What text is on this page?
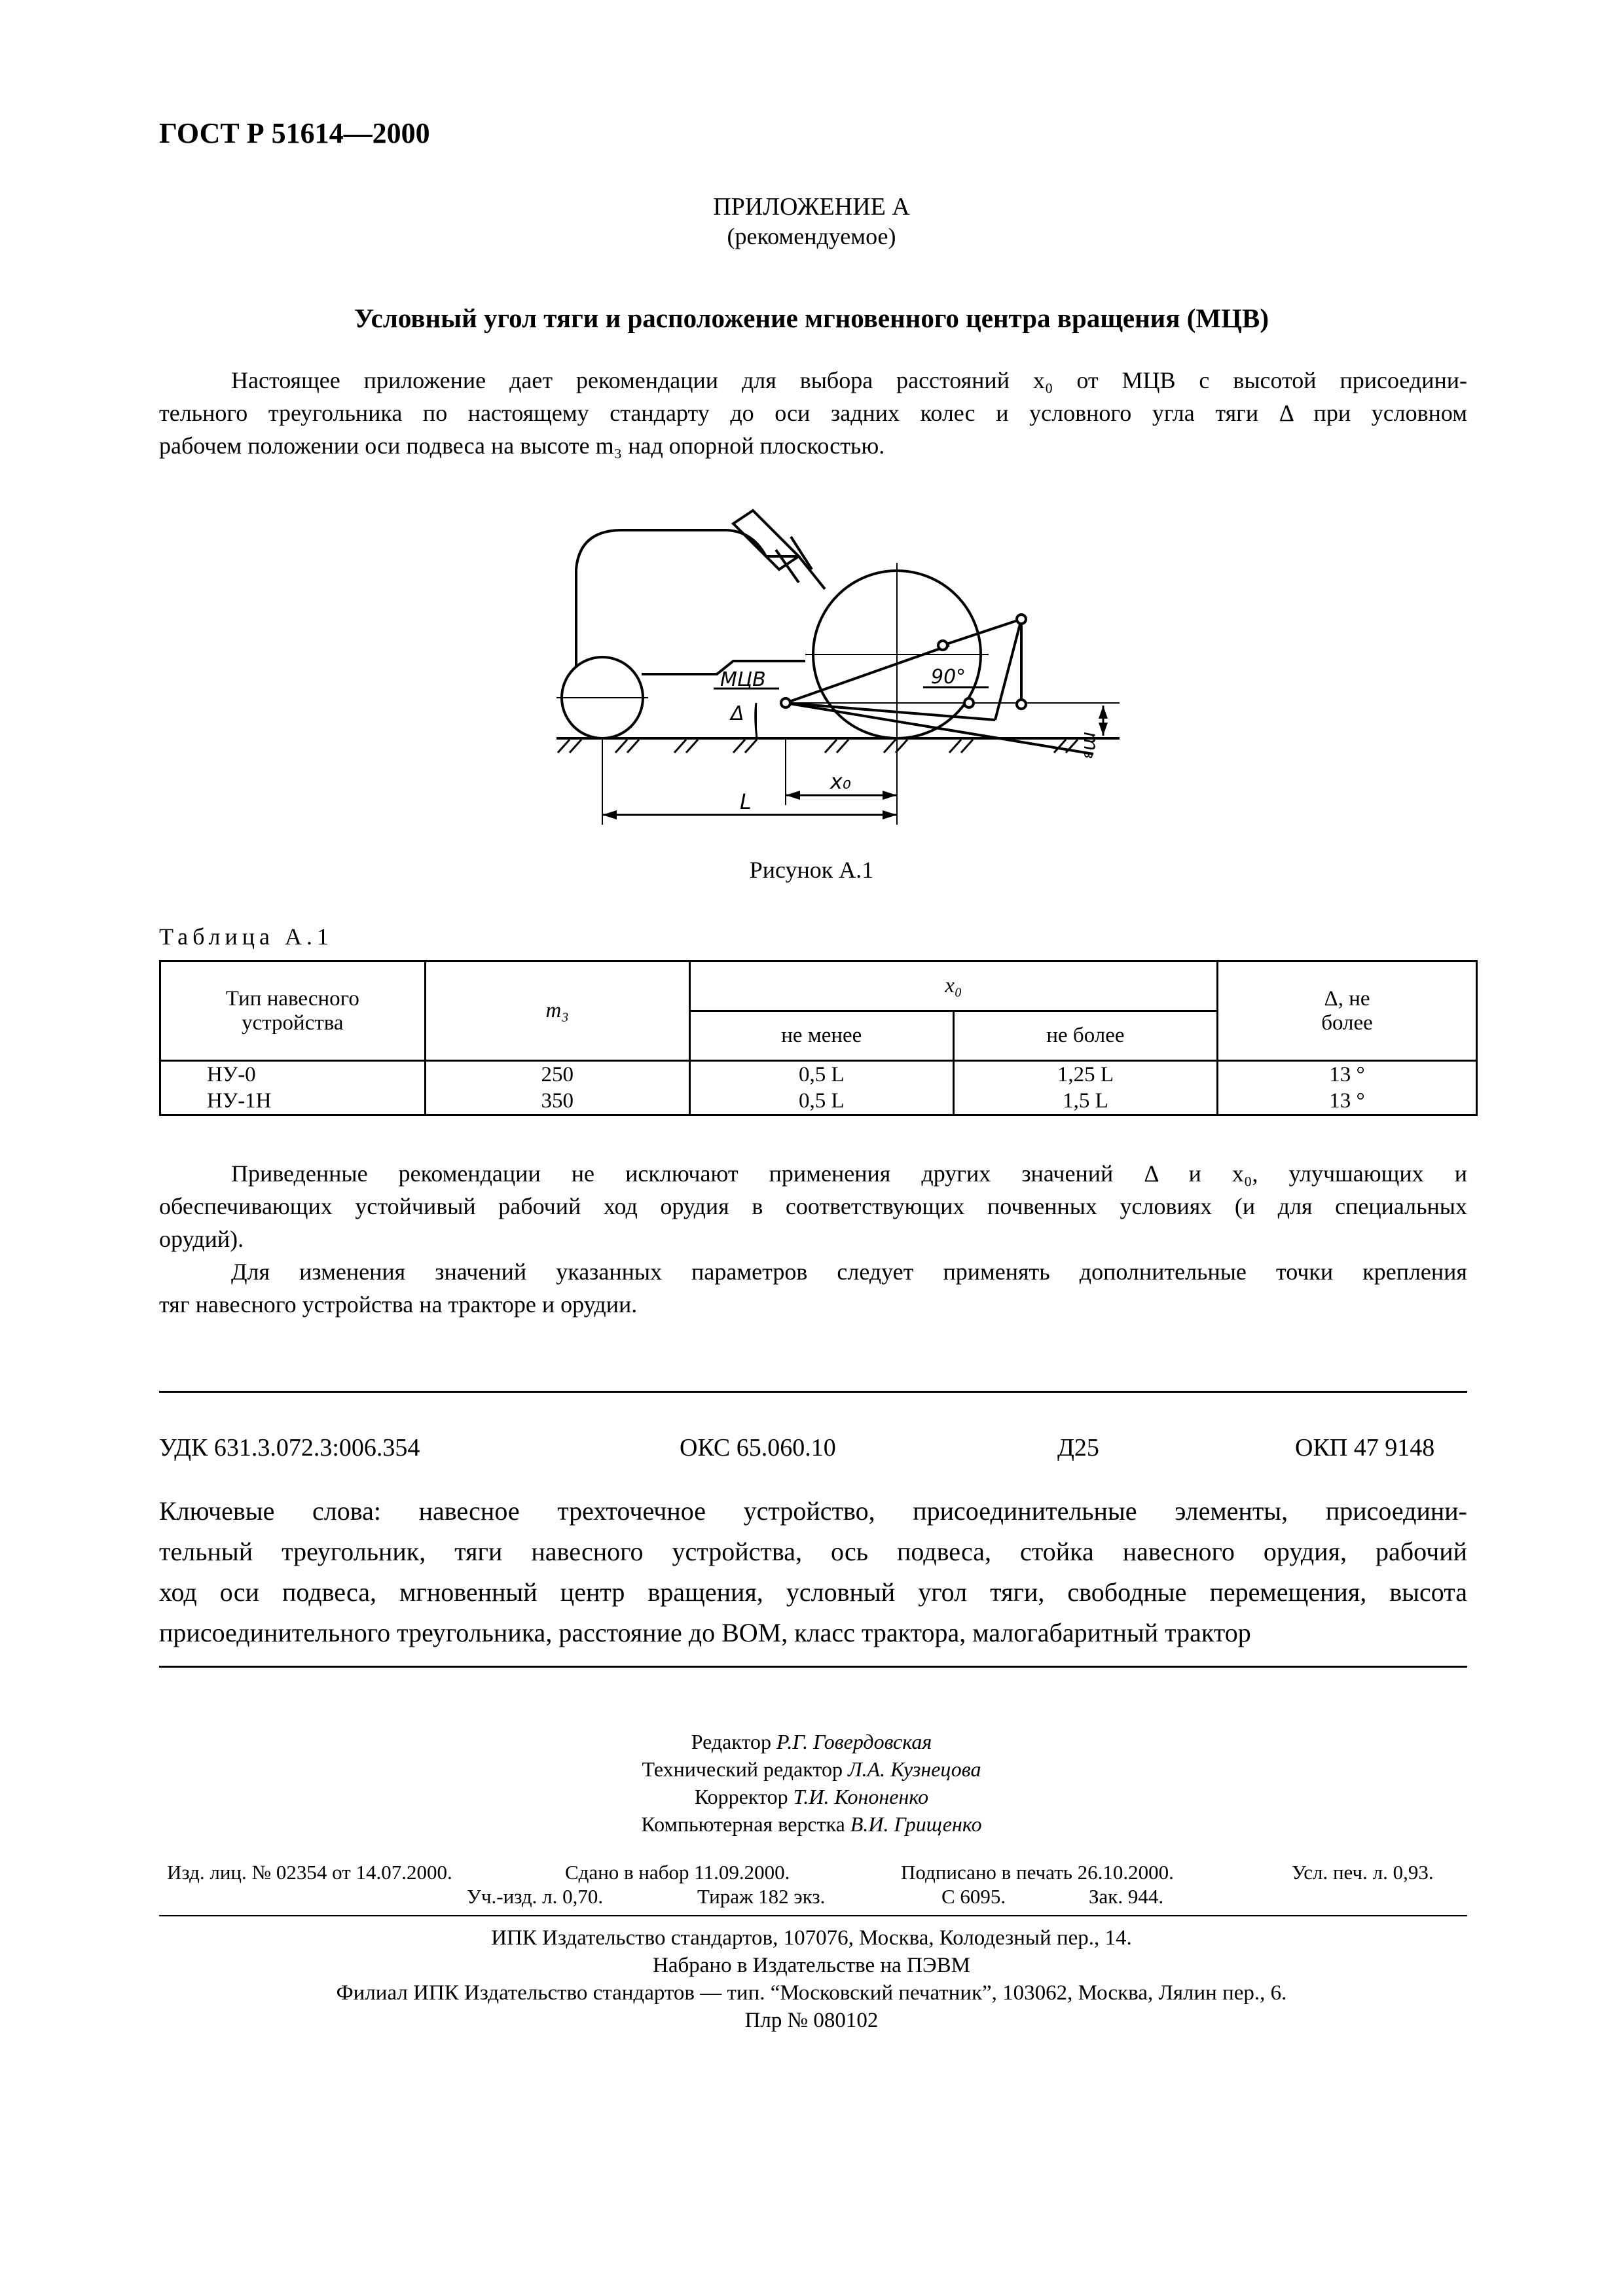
ГОСТ Р 51614—2000
ПРИЛОЖЕНИЕ А
(рекомендуемое)
Условный угол тяги и расположение мгновенного центра вращения (МЦВ)
Настоящее приложение дает рекомендации для выбора расстояний x₀ от МЦВ с высотой присоедини-
тельного треугольника по настоящему стандарту до оси задних колес и условного угла тяги Δ при условном
рабочем положении оси подвеса на высоте m₃ над опорной плоскостью.
МЦВ	90°
Δ
x₀
L
m₃
Рисунок А.1
Таблица А.1
Тип навесного устройства	m₃	x₀		Δ, не более
		не менее	не более	
НУ-0	250	0,5 L	1,25 L	13 °
НУ-1Н	350	0,5 L	1,5 L	13 °
Приведенные рекомендации не исключают применения других значений Δ и x₀, улучшающих и
обеспечивающих устойчивый рабочий ход орудия в соответствующих почвенных условиях (и для специальных
орудий).
Для изменения значений указанных параметров следует применять дополнительные точки крепления
тяг навесного устройства на тракторе и орудии.
УДК 631.3.072.3:006.354	ОКС 65.060.10	Д25	ОКП 47 9148
Ключевые слова: навесное трехточечное устройство, присоединительные элементы, присоедини-
тельный треугольник, тяги навесного устройства, ось подвеса, стойка навесного орудия, рабочий
ход оси подвеса, мгновенный центр вращения, условный угол тяги, свободные перемещения, высота
присоединительного треугольника, расстояние до ВОМ, класс трактора, малогабаритный трактор
Редактор Р.Г. Говердовская
Технический редактор Л.А. Кузнецова
Корректор Т.И. Кононенко
Компьютерная верстка В.И. Грищенко
Изд. лиц. № 02354 от 14.07.2000.	Сдано в набор 11.09.2000.	Подписано в печать 26.10.2000.	Усл. печ. л. 0,93.
Уч.-изд. л. 0,70.	Тираж 182 экз.	С 6095.	Зак. 944.
ИПК Издательство стандартов, 107076, Москва, Колодезный пер., 14.
Набрано в Издательстве на ПЭВМ
Филиал ИПК Издательство стандартов — тип. “Московский печатник”, 103062, Москва, Лялин пер., 6.
Плр № 080102
